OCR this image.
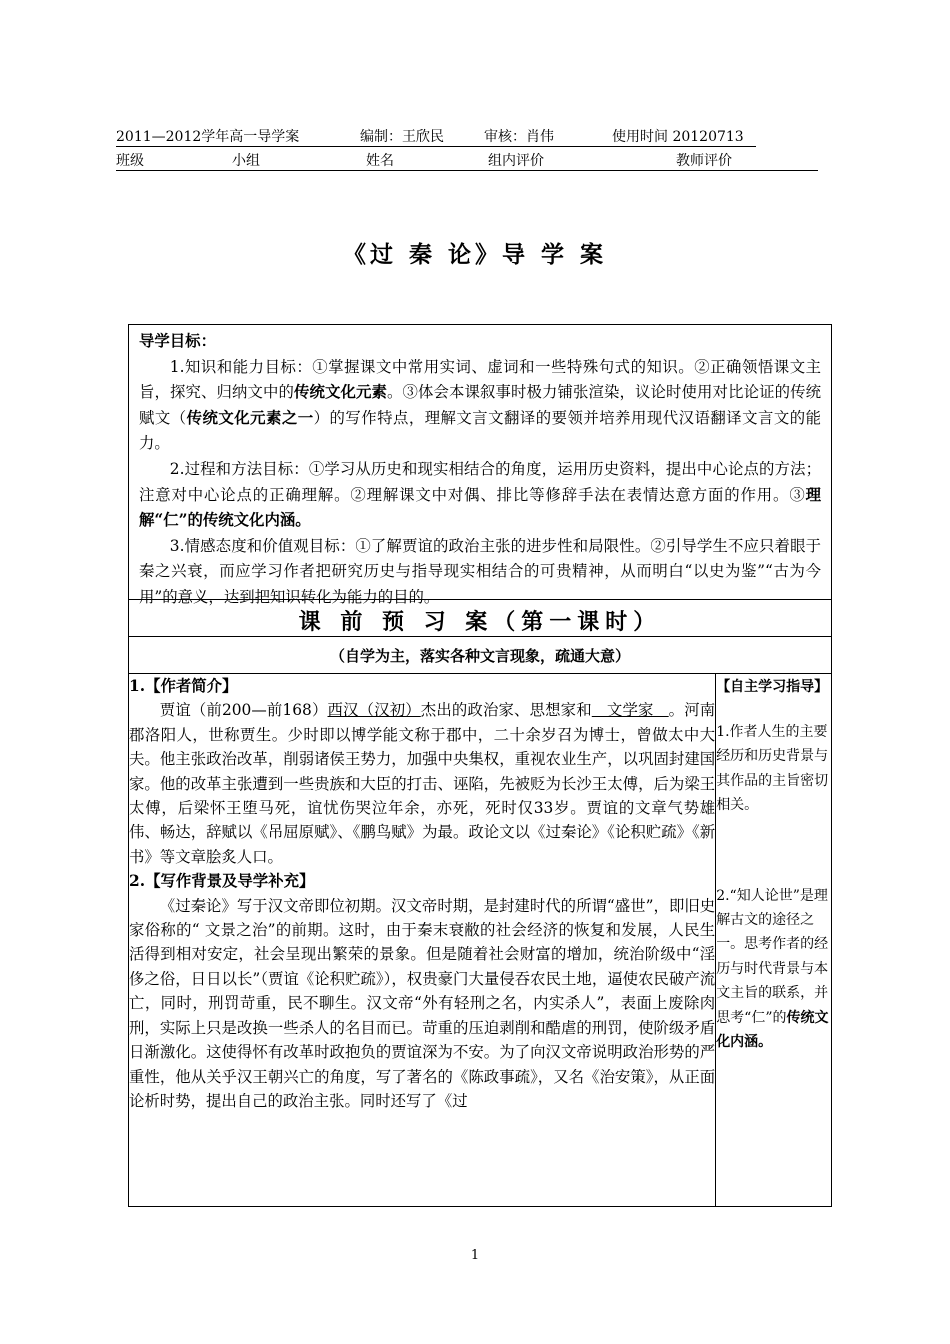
2011—2012学年高一导学案	编制：王欣民	审核：肖伟	使用时间 20120713

班级	小组	姓名	组内评价	教师评价
《过 秦 论》导 学 案

导学目标：

1.知识和能力目标：①掌握课文中常用实词、虚词和一些特殊句式的知识。②正确领悟课文主旨，探究、归纳文中的传统文化元素。③体会本课叙事时极力铺张渲染，议论时使用对比论证的传统赋文（传统文化元素之一）的写作特点，理解文言文翻译的要领并培养用现代汉语翻译文言文的能力。

2.过程和方法目标：①学习从历史和现实相结合的角度，运用历史资料，提出中心论点的方法；注意对中心论点的正确理解。②理解课文中对偶、排比等修辞手法在表情达意方面的作用。③理解“仁”的传统文化内涵。

3.情感态度和价值观目标：①了解贾谊的政治主张的进步性和局限性。②引导学生不应只着眼于秦之兴衰，而应学习作者把研究历史与指导现实相结合的可贵精神，从而明白“以史为鉴”“古为今用”的意义，达到把知识转化为能力的目的。

课 前 预 习 案（第一课时）

（自学为主，落实各种文言现象，疏通大意）

1.【作者简介】

贾谊（前200—前168）西汉（汉初）杰出的政治家、思想家和   文学家   。河南郡洛阳人，世称贾生。少时即以博学能文称于郡中，二十余岁召为博士，曾做太中大夫。他主张政治改革，削弱诸侯王势力，加强中央集权，重视农业生产，以巩固封建国家。他的改革主张遭到一些贵族和大臣的打击、诬陷，先被贬为长沙王太傅，后为梁王太傅，后梁怀王堕马死，谊忧伤哭泣年余，亦死，死时仅33岁。贾谊的文章气势雄伟、畅达，辞赋以《吊屈原赋》、《鹏鸟赋》为最。政论文以《过秦论》《论积贮疏》《新书》等文章脍炙人口。

2.【写作背景及导学补充】

《过秦论》写于汉文帝即位初期。汉文帝时期，是封建时代的所谓“盛世”，即旧史家俗称的“ 文景之治”的前期。这时，由于秦末衰敝的社会经济的恢复和发展，人民生活得到相对安定，社会呈现出繁荣的景象。但是随着社会财富的增加，统治阶级中“淫侈之俗，日日以长”（贾谊《论积贮疏》），权贵豪门大量侵吞农民土地，逼使农民破产流亡，同时，刑罚苛重，民不聊生。汉文帝“外有轻刑之名，内实杀人”，表面上废除肉刑，实际上只是改换一些杀人的名目而已。苛重的压迫剥削和酷虐的刑罚，使阶级矛盾日渐激化。这使得怀有改革时政抱负的贾谊深为不安。为了向汉文帝说明政治形势的严重性，他从关乎汉王朝兴亡的角度，写了著名的《陈政事疏》，又名《治安策》，从正面论析时势，提出自己的政治主张。同时还写了《过

【自主学习指导】

1.作者人生的主要经历和历史背景与其作品的主旨密切相关。

2.“知人论世”是理解古文的途径之一。思考作者的经历与时代背景与本文主旨的联系，并思考“仁”的传统文化内涵。

1
